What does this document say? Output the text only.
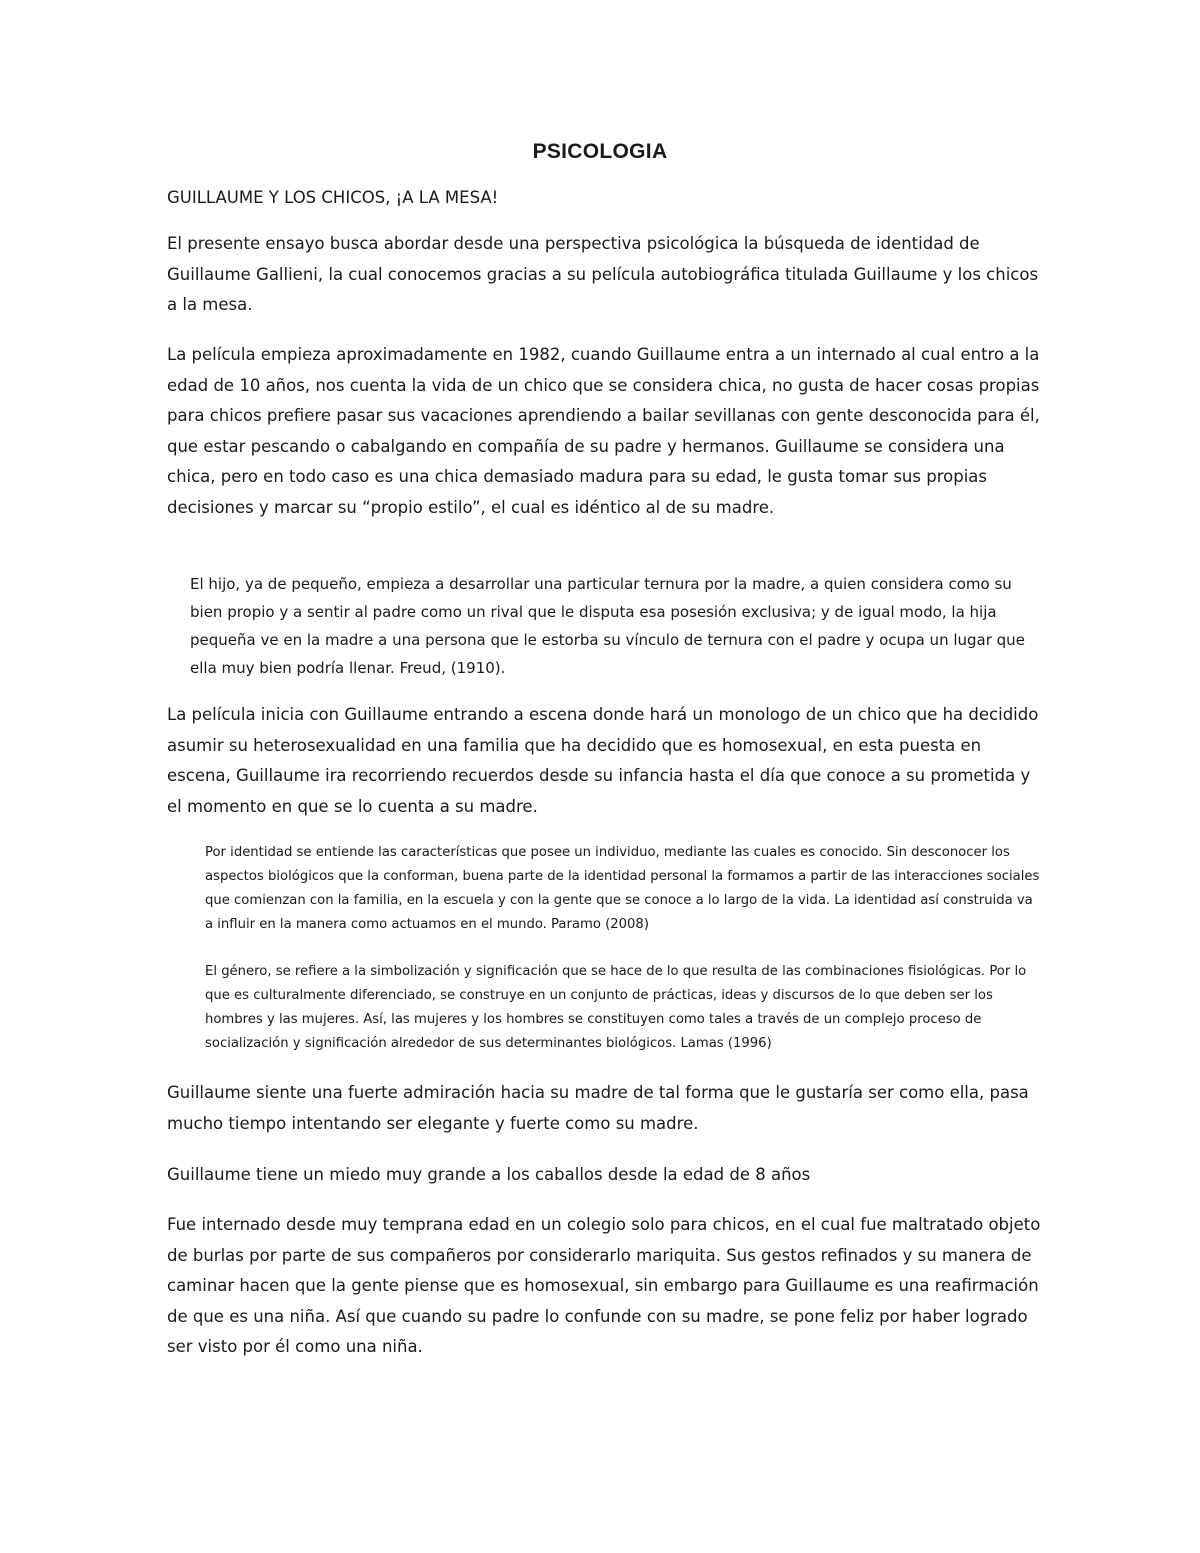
PSICOLOGIA
GUILLAUME Y LOS CHICOS, ¡A LA MESA!

El presente ensayo busca abordar desde una perspectiva psicológica la búsqueda de identidad de Guillaume Gallieni, la cual conocemos gracias a su película autobiográfica titulada Guillaume y los chicos a la mesa.

La película empieza aproximadamente en 1982, cuando Guillaume entra a un internado al cual entro a la edad de 10 años, nos cuenta la vida de un chico que se considera chica, no gusta de hacer cosas propias para chicos prefiere pasar sus vacaciones aprendiendo a bailar sevillanas con gente desconocida para él, que estar pescando o cabalgando en compañía de su padre y hermanos. Guillaume se considera una chica, pero en todo caso es una chica demasiado madura para su edad, le gusta tomar sus propias decisiones y marcar su “propio estilo”, el cual es idéntico al de su madre.

El hijo, ya de pequeño, empieza a desarrollar una particular ternura por la madre, a quien considera como su bien propio y a sentir al padre como un rival que le disputa esa posesión exclusiva; y de igual modo, la hija pequeña ve en la madre a una persona que le estorba su vínculo de ternura con el padre y ocupa un lugar que ella muy bien podría llenar. Freud, (1910).

La película inicia con Guillaume entrando a escena donde hará un monologo de un chico que ha decidido asumir su heterosexualidad en una familia que ha decidido que es homosexual, en esta puesta en escena, Guillaume ira recorriendo recuerdos desde su infancia hasta el día que conoce a su prometida y el momento en que se lo cuenta a su madre.

Por identidad se entiende las características que posee un individuo, mediante las cuales es conocido. Sin desconocer los aspectos biológicos que la conforman, buena parte de la identidad personal la formamos a partir de las interacciones sociales que comienzan con la familia, en la escuela y con la gente que se conoce a lo largo de la vida. La identidad así construida va a influir en la manera como actuamos en el mundo. Paramo (2008)

El género, se refiere a la simbolización y significación que se hace de lo que resulta de las combinaciones fisiológicas. Por lo que es culturalmente diferenciado, se construye en un conjunto de prácticas, ideas y discursos de lo que deben ser los hombres y las mujeres. Así, las mujeres y los hombres se constituyen como tales a través de un complejo proceso de socialización y significación alrededor de sus determinantes biológicos. Lamas (1996)

Guillaume siente una fuerte admiración hacia su madre de tal forma que le gustaría ser como ella, pasa mucho tiempo intentando ser elegante y fuerte como su madre.

Guillaume tiene un miedo muy grande a los caballos desde la edad de 8 años

Fue internado desde muy temprana edad en un colegio solo para chicos, en el cual fue maltratado objeto de burlas por parte de sus compañeros por considerarlo mariquita. Sus gestos refinados y su manera de caminar hacen que la gente piense que es homosexual, sin embargo para Guillaume es una reafirmación de que es una niña. Así que cuando su padre lo confunde con su madre, se pone feliz por haber logrado ser visto por él como una niña.
